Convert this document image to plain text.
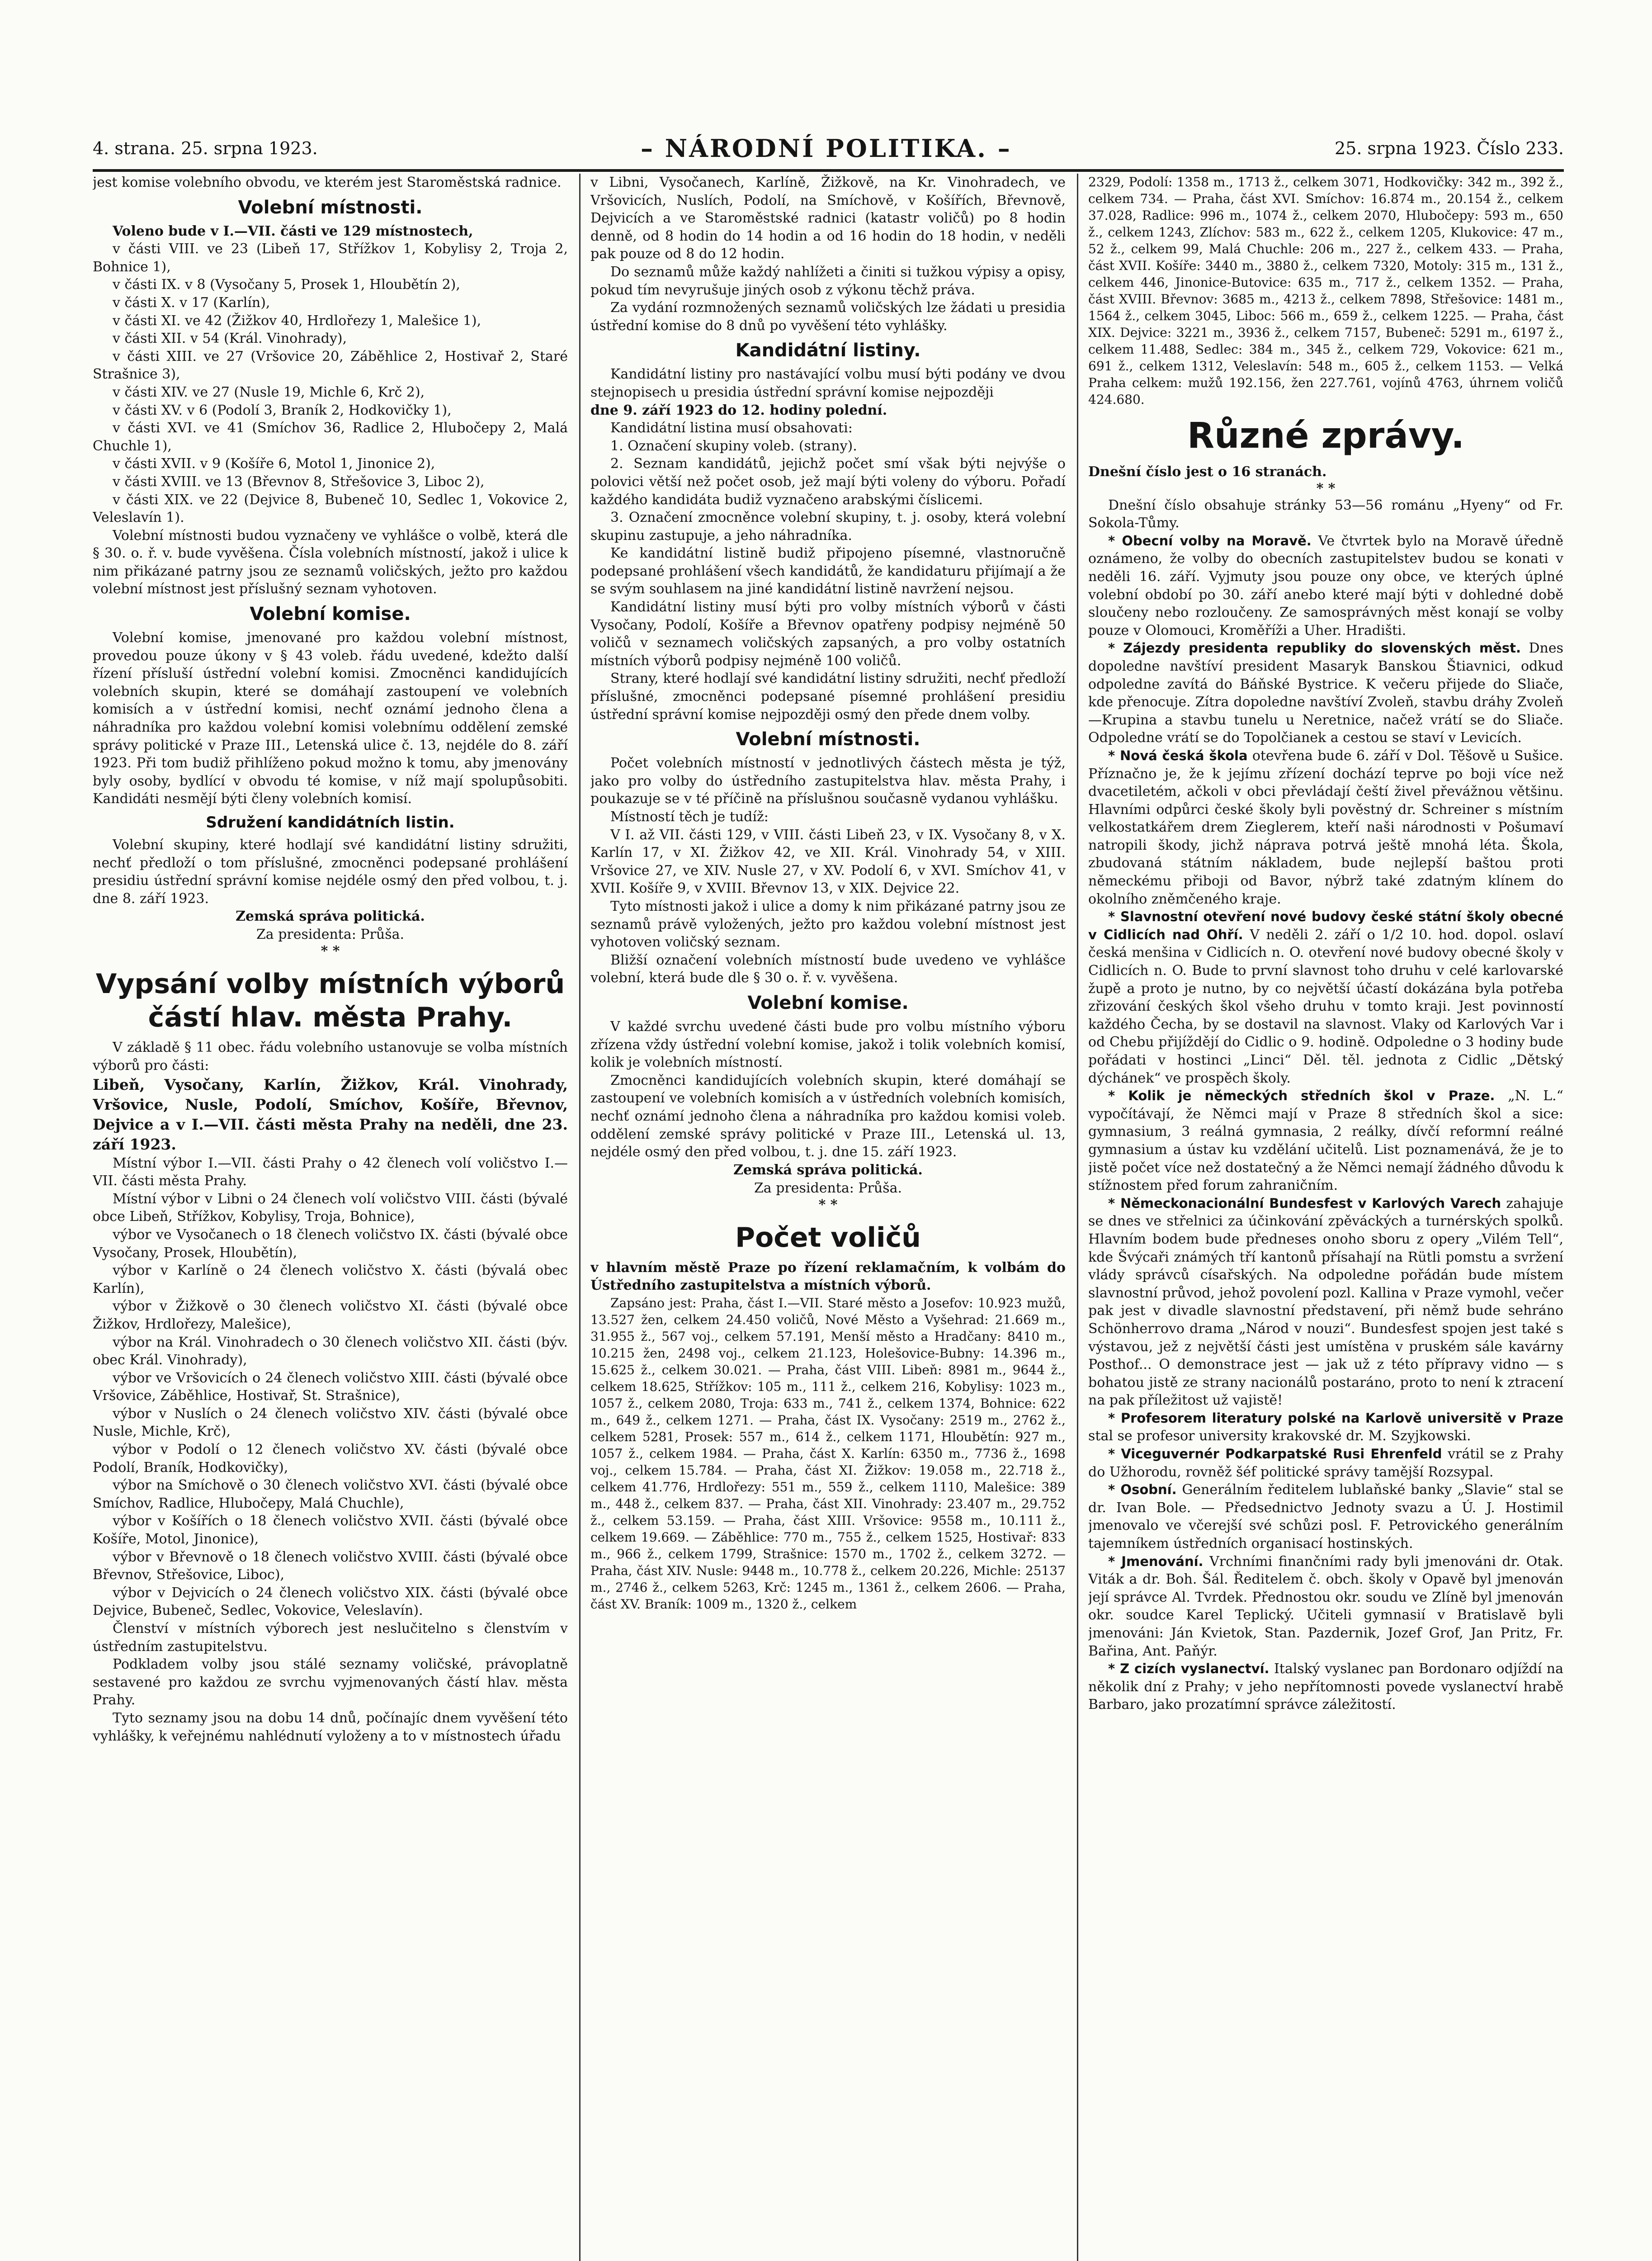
4. strana. 25. srpna 1923.	– NÁRODNÍ POLITIKA. –	25. srpna 1923. Číslo 233.

jest komise volebního obvodu, ve kterém jest Staroměstská radnice.

Volební místnosti.

Voleno bude v I.—VII. části ve 129 místnostech,

v části VIII. ve 23 (Libeň 17, Střížkov 1, Kobylisy 2, Troja 2, Bohnice 1),

v části IX. v 8 (Vysočany 5, Prosek 1, Hloubětín 2),

v části X. v 17 (Karlín),

v části XI. ve 42 (Žižkov 40, Hrdlořezy 1, Malešice 1),

v části XII. v 54 (Král. Vinohrady),

v části XIII. ve 27 (Vršovice 20, Záběhlice 2, Hostivař 2, Staré Strašnice 3),

v části XIV. ve 27 (Nusle 19, Michle 6, Krč 2),

v části XV. v 6 (Podolí 3, Braník 2, Hodkovičky 1),

v části XVI. ve 41 (Smíchov 36, Radlice 2, Hlubočepy 2, Malá Chuchle 1),

v části XVII. v 9 (Košíře 6, Motol 1, Jinonice 2),

v části XVIII. ve 13 (Břevnov 8, Střešovice 3, Liboc 2),

v části XIX. ve 22 (Dejvice 8, Bubeneč 10, Sedlec 1, Vokovice 2, Veleslavín 1).

Volební místnosti budou vyznačeny ve vyhlášce o volbě, která dle § 30. o. ř. v. bude vyvěšena. Čísla volebních místností, jakož i ulice k nim přikázané patrny jsou ze seznamů voličských, ježto pro každou volební místnost jest příslušný seznam vyhotoven.

Volební komise.

Volební komise, jmenované pro každou volební místnost, provedou pouze úkony v § 43 voleb. řádu uvedené, kdežto další řízení přísluší ústřední volební komisi. Zmocněnci kandidujících volebních skupin, které se domáhají zastoupení ve volebních komisích a v ústřední komisi, nechť oznámí jednoho člena a náhradníka pro každou volební komisi volebnímu oddělení zemské správy politické v Praze III., Letenská ulice č. 13, nejdéle do 8. září 1923. Při tom budiž přihlíženo pokud možno k tomu, aby jmenovány byly osoby, bydlící v obvodu té komise, v níž mají spolupůsobiti. Kandidáti nesmějí býti členy volebních komisí.

Sdružení kandidátních listin.

Volební skupiny, které hodlají své kandidátní listiny sdružiti, nechť předloží o tom příslušné, zmocněnci podepsané prohlášení presidiu ústřední správní komise nejdéle osmý den před volbou, t. j. dne 8. září 1923.

Zemská správa politická.
Za presidenta: Průša.
* *
Vypsání volby místních výborů částí hlav. města Prahy.

V základě § 11 obec. řádu volebního ustanovuje se volba místních výborů pro části:

Libeň, Vysočany, Karlín, Žižkov, Král. Vinohrady, Vršovice, Nusle, Podolí, Smíchov, Košíře, Břevnov, Dejvice a v I.—VII. části města Prahy na neděli, dne 23. září 1923.

Místní výbor I.—VII. části Prahy o 42 členech volí voličstvo I.—VII. části města Prahy.

Místní výbor v Libni o 24 členech volí voličstvo VIII. části (bývalé obce Libeň, Střížkov, Kobylisy, Troja, Bohnice),

výbor ve Vysočanech o 18 členech voličstvo IX. části (bývalé obce Vysočany, Prosek, Hloubětín),

výbor v Karlíně o 24 členech voličstvo X. části (bývalá obec Karlín),

výbor v Žižkově o 30 členech voličstvo XI. části (bývalé obce Žižkov, Hrdlořezy, Malešice),

výbor na Král. Vinohradech o 30 členech voličstvo XII. části (býv. obec Král. Vinohrady),

výbor ve Vršovicích o 24 členech voličstvo XIII. části (bývalé obce Vršovice, Záběhlice, Hostivař, St. Strašnice),

výbor v Nuslích o 24 členech voličstvo XIV. části (bývalé obce Nusle, Michle, Krč),

výbor v Podolí o 12 členech voličstvo XV. části (bývalé obce Podolí, Braník, Hodkovičky),

výbor na Smíchově o 30 členech voličstvo XVI. části (bývalé obce Smíchov, Radlice, Hlubočepy, Malá Chuchle),

výbor v Košířích o 18 členech voličstvo XVII. části (bývalé obce Košíře, Motol, Jinonice),

výbor v Břevnově o 18 členech voličstvo XVIII. části (bývalé obce Břevnov, Střešovice, Liboc),

výbor v Dejvicích o 24 členech voličstvo XIX. části (bývalé obce Dejvice, Bubeneč, Sedlec, Vokovice, Veleslavín).

Členství v místních výborech jest neslučitelno s členstvím v ústředním zastupitelstvu.

Podkladem volby jsou stálé seznamy voličské, právoplatně sestavené pro každou ze svrchu vyjmenovaných částí hlav. města Prahy.

Tyto seznamy jsou na dobu 14 dnů, počínajíc dnem vyvěšení této vyhlášky, k veřejnému nahlédnutí vyloženy a to v místnostech úřadu

v Libni, Vysočanech, Karlíně, Žižkově, na Kr. Vinohradech, ve Vršovicích, Nuslích, Podolí, na Smíchově, v Košířích, Břevnově, Dejvicích a ve Staroměstské radnici (katastr voličů) po 8 hodin denně, od 8 hodin do 14 hodin a od 16 hodin do 18 hodin, v neděli pak pouze od 8 do 12 hodin.

Do seznamů může každý nahlížeti a činiti si tužkou výpisy a opisy, pokud tím nevyrušuje jiných osob z výkonu těchž práva.

Za vydání rozmnožených seznamů voličských lze žádati u presidia ústřední komise do 8 dnů po vyvěšení této vyhlášky.

Kandidátní listiny.

Kandidátní listiny pro nastávající volbu musí býti podány ve dvou stejnopisech u presidia ústřední správní komise nejpozději

dne 9. září 1923 do 12. hodiny polední.

Kandidátní listina musí obsahovati:

1. Označení skupiny voleb. (strany).

2. Seznam kandidátů, jejichž počet smí však býti nejvýše o polovici větší než počet osob, jež mají býti voleny do výboru. Pořadí každého kandidáta budiž vyznačeno arabskými číslicemi.

3. Označení zmocněnce volební skupiny, t. j. osoby, která volební skupinu zastupuje, a jeho náhradníka.

Ke kandidátní listině budiž připojeno písemné, vlastnoručně podepsané prohlášení všech kandidátů, že kandidaturu přijímají a že se svým souhlasem na jiné kandidátní listině navržení nejsou.

Kandidátní listiny musí býti pro volby místních výborů v části Vysočany, Podolí, Košíře a Břevnov opatřeny podpisy nejméně 50 voličů v seznamech voličských zapsaných, a pro volby ostatních místních výborů podpisy nejméně 100 voličů.

Strany, které hodlají své kandidátní listiny sdružiti, nechť předloží příslušné, zmocněnci podepsané písemné prohlášení presidiu ústřední správní komise nejpozději osmý den přede dnem volby.

Volební místnosti.

Počet volebních místností v jednotlivých částech města je týž, jako pro volby do ústředního zastupitelstva hlav. města Prahy, i poukazuje se v té příčině na příslušnou současně vydanou vyhlášku.

Místností těch je tudíž:

V I. až VII. části 129, v VIII. části Libeň 23, v IX. Vysočany 8, v X. Karlín 17, v XI. Žižkov 42, ve XII. Král. Vinohrady 54, v XIII. Vršovice 27, ve XIV. Nusle 27, v XV. Podolí 6, v XVI. Smíchov 41, v XVII. Košíře 9, v XVIII. Břevnov 13, v XIX. Dejvice 22.

Tyto místnosti jakož i ulice a domy k nim přikázané patrny jsou ze seznamů právě vyložených, ježto pro každou volební místnost jest vyhotoven voličský seznam.

Bližší označení volebních místností bude uvedeno ve vyhlášce volební, která bude dle § 30 o. ř. v. vyvěšena.

Volební komise.

V každé svrchu uvedené části bude pro volbu místního výboru zřízena vždy ústřední volební komise, jakož i tolik volebních komisí, kolik je volebních místností.

Zmocněnci kandidujících volebních skupin, které domáhají se zastoupení ve volebních komisích a v ústředních volebních komisích, nechť oznámí jednoho člena a náhradníka pro každou komisi voleb. oddělení zemské správy politické v Praze III., Letenská ul. 13, nejdéle osmý den před volbou, t. j. dne 15. září 1923.

Zemská správa politická.
Za presidenta: Průša.
* *
Počet voličů

v hlavním městě Praze po řízení reklamačním, k volbám do Ústředního zastupitelstva a místních výborů.

Zapsáno jest: Praha, část I.—VII. Staré město a Josefov: 10.923 mužů, 13.527 žen, celkem 24.450 voličů, Nové Město a Vyšehrad: 21.669 m., 31.955 ž., 567 voj., celkem 57.191, Menší město a Hradčany: 8410 m., 10.215 žen, 2498 voj., celkem 21.123, Holešovice-Bubny: 14.396 m., 15.625 ž., celkem 30.021. — Praha, část VIII. Libeň: 8981 m., 9644 ž., celkem 18.625, Střížkov: 105 m., 111 ž., celkem 216, Kobylisy: 1023 m., 1057 ž., celkem 2080, Troja: 633 m., 741 ž., celkem 1374, Bohnice: 622 m., 649 ž., celkem 1271. — Praha, část IX. Vysočany: 2519 m., 2762 ž., celkem 5281, Prosek: 557 m., 614 ž., celkem 1171, Hloubětín: 927 m., 1057 ž., celkem 1984. — Praha, část X. Karlín: 6350 m., 7736 ž., 1698 voj., celkem 15.784. — Praha, část XI. Žižkov: 19.058 m., 22.718 ž., celkem 41.776, Hrdlořezy: 551 m., 559 ž., celkem 1110, Malešice: 389 m., 448 ž., celkem 837. — Praha, část XII. Vinohrady: 23.407 m., 29.752 ž., celkem 53.159. — Praha, část XIII. Vršovice: 9558 m., 10.111 ž., celkem 19.669. — Záběhlice: 770 m., 755 ž., celkem 1525, Hostivař: 833 m., 966 ž., celkem 1799, Strašnice: 1570 m., 1702 ž., celkem 3272. — Praha, část XIV. Nusle: 9448 m., 10.778 ž., celkem 20.226, Michle: 25137 m., 2746 ž., celkem 5263, Krč: 1245 m., 1361 ž., celkem 2606. — Praha, část XV. Braník: 1009 m., 1320 ž., celkem

2329, Podolí: 1358 m., 1713 ž., celkem 3071, Hodkovičky: 342 m., 392 ž., celkem 734. — Praha, část XVI. Smíchov: 16.874 m., 20.154 ž., celkem 37.028, Radlice: 996 m., 1074 ž., celkem 2070, Hlubočepy: 593 m., 650 ž., celkem 1243, Zlíchov: 583 m., 622 ž., celkem 1205, Klukovice: 47 m., 52 ž., celkem 99, Malá Chuchle: 206 m., 227 ž., celkem 433. — Praha, část XVII. Košíře: 3440 m., 3880 ž., celkem 7320, Motoly: 315 m., 131 ž., celkem 446, Jinonice-Butovice: 635 m., 717 ž., celkem 1352. — Praha, část XVIII. Břevnov: 3685 m., 4213 ž., celkem 7898, Střešovice: 1481 m., 1564 ž., celkem 3045, Liboc: 566 m., 659 ž., celkem 1225. — Praha, část XIX. Dejvice: 3221 m., 3936 ž., celkem 7157, Bubeneč: 5291 m., 6197 ž., celkem 11.488, Sedlec: 384 m., 345 ž., celkem 729, Vokovice: 621 m., 691 ž., celkem 1312, Veleslavín: 548 m., 605 ž., celkem 1153. — Velká Praha celkem: mužů 192.156, žen 227.761, vojínů 4763, úhrnem voličů 424.680.

Různé zprávy.

Dnešní číslo jest o 16 stranách.

* *

Dnešní číslo obsahuje stránky 53—56 románu „Hyeny“ od Fr. Sokola-Tůmy.

* Obecní volby na Moravě. Ve čtvrtek bylo na Moravě úředně oznámeno, že volby do obecních zastupitelstev budou se konati v neděli 16. září. Vyjmuty jsou pouze ony obce, ve kterých úplné volební období po 30. září anebo které mají býti v dohledné době sloučeny nebo rozloučeny. Ze samosprávných měst konají se volby pouze v Olomouci, Kroměříži a Uher. Hradišti.

* Zájezdy presidenta republiky do slovenských měst. Dnes dopoledne navštíví president Masaryk Banskou Štiavnici, odkud odpoledne zavítá do Báňské Bystrice. K večeru přijede do Sliače, kde přenocuje. Zítra dopoledne navštíví Zvoleň, stavbu dráhy Zvoleň—Krupina a stavbu tunelu u Neretnice, načež vrátí se do Sliače. Odpoledne vrátí se do Topolčianek a cestou se staví v Levicích.

* Nová česká škola otevřena bude 6. září v Dol. Těšově u Sušice. Příznačno je, že k jejímu zřízení dochází teprve po boji více než dvacetiletém, ačkoli v obci převládají čeští živel převážnou většinu. Hlavními odpůrci české školy byli pověstný dr. Schreiner s místním velkostatkářem drem Zieglerem, kteří naši národnosti v Pošumaví natropili škody, jichž náprava potrvá ještě mnohá léta. Škola, zbudovaná státním nákladem, bude nejlepší baštou proti německému přiboji od Bavor, nýbrž také zdatným klínem do okolního zněmčeného kraje.

* Slavnostní otevření nové budovy české státní školy obecné v Cidlicích nad Ohří. V neděli 2. září o 1/2 10. hod. dopol. oslaví česká menšina v Cidlicích n. O. otevření nové budovy obecné školy v Cidlicích n. O. Bude to první slavnost toho druhu v celé karlovarské župě a proto je nutno, by co největší účastí dokázána byla potřeba zřizování českých škol všeho druhu v tomto kraji. Jest povinností každého Čecha, by se dostavil na slavnost. Vlaky od Karlových Var i od Chebu přijíždějí do Cidlic o 9. hodině. Odpoledne o 3 hodiny bude pořádati v hostinci „Linci“ Děl. těl. jednota z Cidlic „Dětský dýchánek“ ve prospěch školy.

* Kolik je německých středních škol v Praze. „N. L.“ vypočítávají, že Němci mají v Praze 8 středních škol a sice: gymnasium, 3 reálná gymnasia, 2 reálky, dívčí reformní reálné gymnasium a ústav ku vzdělání učitelů. List poznamenává, že je to jistě počet více než dostatečný a že Němci nemají žádného důvodu k stížnostem před forum zahraničním.

* Německonacionální Bundesfest v Karlových Varech zahajuje se dnes ve střelnici za účinkování zpěváckých a turnérských spolků. Hlavním bodem bude předneses onoho sboru z opery „Vilém Tell“, kde Švýcaři známých tří kantonů přísahají na Rütli pomstu a svržení vlády správců císařských. Na odpoledne pořádán bude místem slavnostní průvod, jehož povolení pozl. Kallina v Praze vymohl, večer pak jest v divadle slavnostní představení, při němž bude sehráno Schönherrovo drama „Národ v nouzi“. Bundesfest spojen jest také s výstavou, jež z největší části jest umístěna v pruském sále kavárny Posthof... O demonstrace jest — jak už z této přípravy vidno — s bohatou jistě ze strany nacionálů postaráno, proto to není k ztracení na pak příležitost už vajistě!

* Profesorem literatury polské na Karlově universitě v Praze stal se profesor university krakovské dr. M. Szyjkowski.

* Viceguvernér Podkarpatské Rusi Ehrenfeld vrátil se z Prahy do Užhorodu, rovněž šéf politické správy tamější Rozsypal.

* Osobní. Generálním ředitelem lublaňské banky „Slavie“ stal se dr. Ivan Bole. — Předsednictvo Jednoty svazu a Ú. J. Hostimil jmenovalo ve včerejší své schůzi posl. F. Petrovického generálním tajemníkem ústředních organisací hostinských.

* Jmenování. Vrchními finančními rady byli jmenováni dr. Otak. Viták a dr. Boh. Šál. Ředitelem č. obch. školy v Opavě byl jmenován její správce Al. Tvrdek. Přednostou okr. soudu ve Zlíně byl jmenován okr. soudce Karel Teplický. Učiteli gymnasií v Bratislavě byli jmenováni: Ján Kvietok, Stan. Pazdernik, Jozef Grof, Jan Pritz, Fr. Bařina, Ant. Paňýr.

* Z cizích vyslanectví. Italský vyslanec pan Bordonaro odjíždí na několik dní z Prahy; v jeho nepřítomnosti povede vyslanectví hrabě Barbaro, jako prozatímní správce záležitostí.
